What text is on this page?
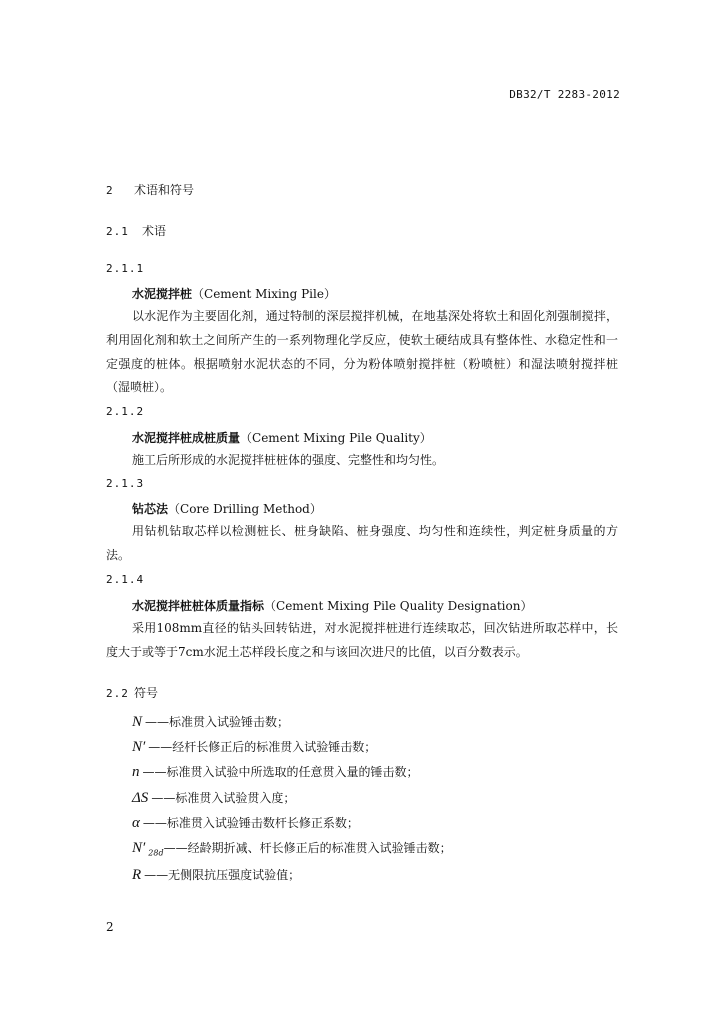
DB32/T 2283-2012
2 术语和符号
2.1 术语
2.1.1
水泥搅拌桩（Cement Mixing Pile）
以水泥作为主要固化剂，通过特制的深层搅拌机械，在地基深处将软土和固化剂强制搅拌，利用固化剂和软土之间所产生的一系列物理化学反应，使软土硬结成具有整体性、水稳定性和一定强度的桩体。根据喷射水泥状态的不同，分为粉体喷射搅拌桩（粉喷桩）和湿法喷射搅拌桩（湿喷桩）。
2.1.2
水泥搅拌桩成桩质量（Cement Mixing Pile Quality）
施工后所形成的水泥搅拌桩桩体的强度、完整性和均匀性。
2.1.3
钻芯法（Core Drilling Method）
用钻机钻取芯样以检测桩长、桩身缺陷、桩身强度、均匀性和连续性，判定桩身质量的方法。
2.1.4
水泥搅拌桩桩体质量指标（Cement Mixing Pile Quality Designation）
采用108mm直径的钻头回转钻进，对水泥搅拌桩进行连续取芯，回次钻进所取芯样中，长度大于或等于7cm水泥土芯样段长度之和与该回次进尺的比值，以百分数表示。
2.2 符号
N ——标准贯入试验锤击数；
N′ ——经杆长修正后的标准贯入试验锤击数；
n ——标准贯入试验中所选取的任意贯入量的锤击数；
ΔS ——标准贯入试验贯入度；
α ——标准贯入试验锤击数杆长修正系数；
N′ $_{28d}$——经龄期折减、杆长修正后的标准贯入试验锤击数；
R ——无侧限抗压强度试验值；
2
